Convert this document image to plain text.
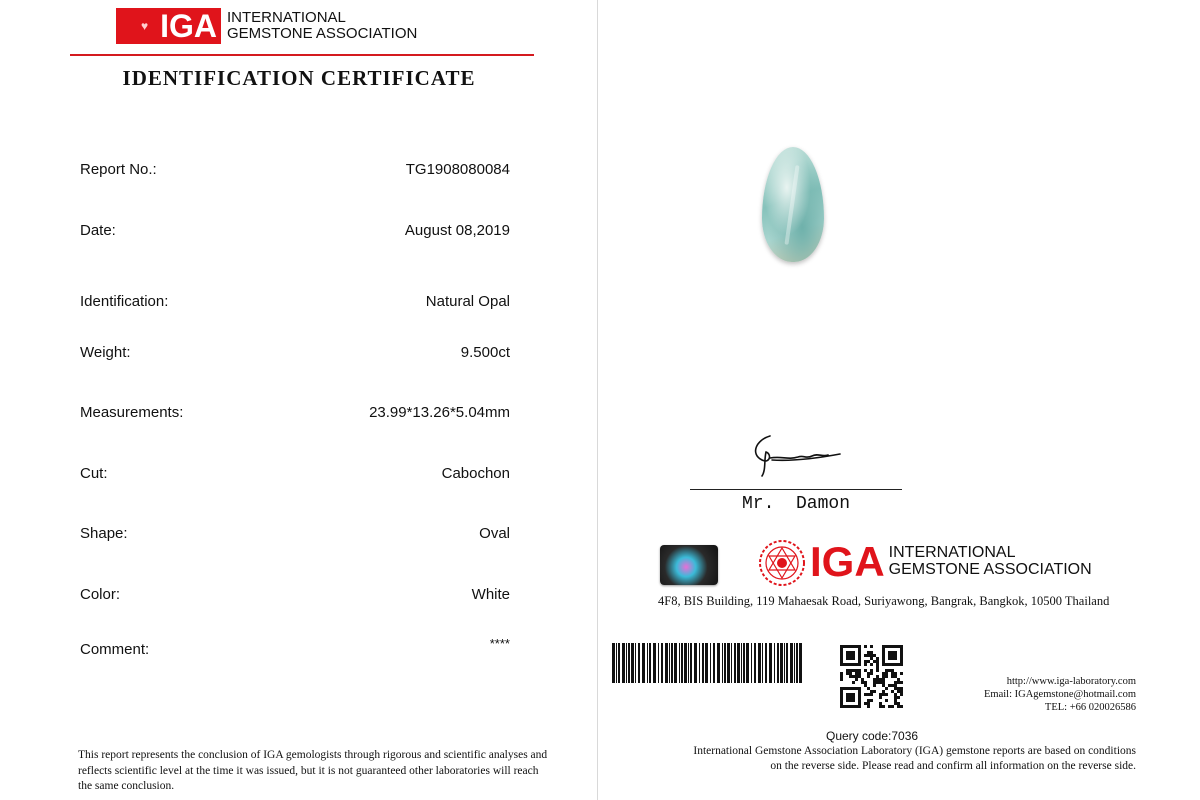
♥ IGA INTERNATIONAL
GEMSTONE ASSOCIATION
IDENTIFICATION CERTIFICATE
Report No.:	TG1908080084
Date:	August 08,2019
Identification:	Natural Opal
Weight:	9.500ct
Measurements:	23.99*13.26*5.04mm
Cut:	Cabochon
Shape:	Oval
Color:	White
Comment:	****
This report represents the conclusion of IGA gemologists through rigorous and scientific analyses and reflects scientific level at the time it was issued, but it is not guaranteed other laboratories will reach the same conclusion.
Mr.  Damon
IGA INTERNATIONAL
GEMSTONE ASSOCIATION
4F8, BIS Building, 119 Mahaesak Road, Suriyawong, Bangrak, Bangkok, 10500 Thailand
http://www.iga-laboratory.com
Email: IGAgemstone@hotmail.com
TEL: +66 020026586
Query code:7036
International Gemstone Association Laboratory (IGA) gemstone reports are based on conditions on the reverse side. Please read and confirm all information on the reverse side.
